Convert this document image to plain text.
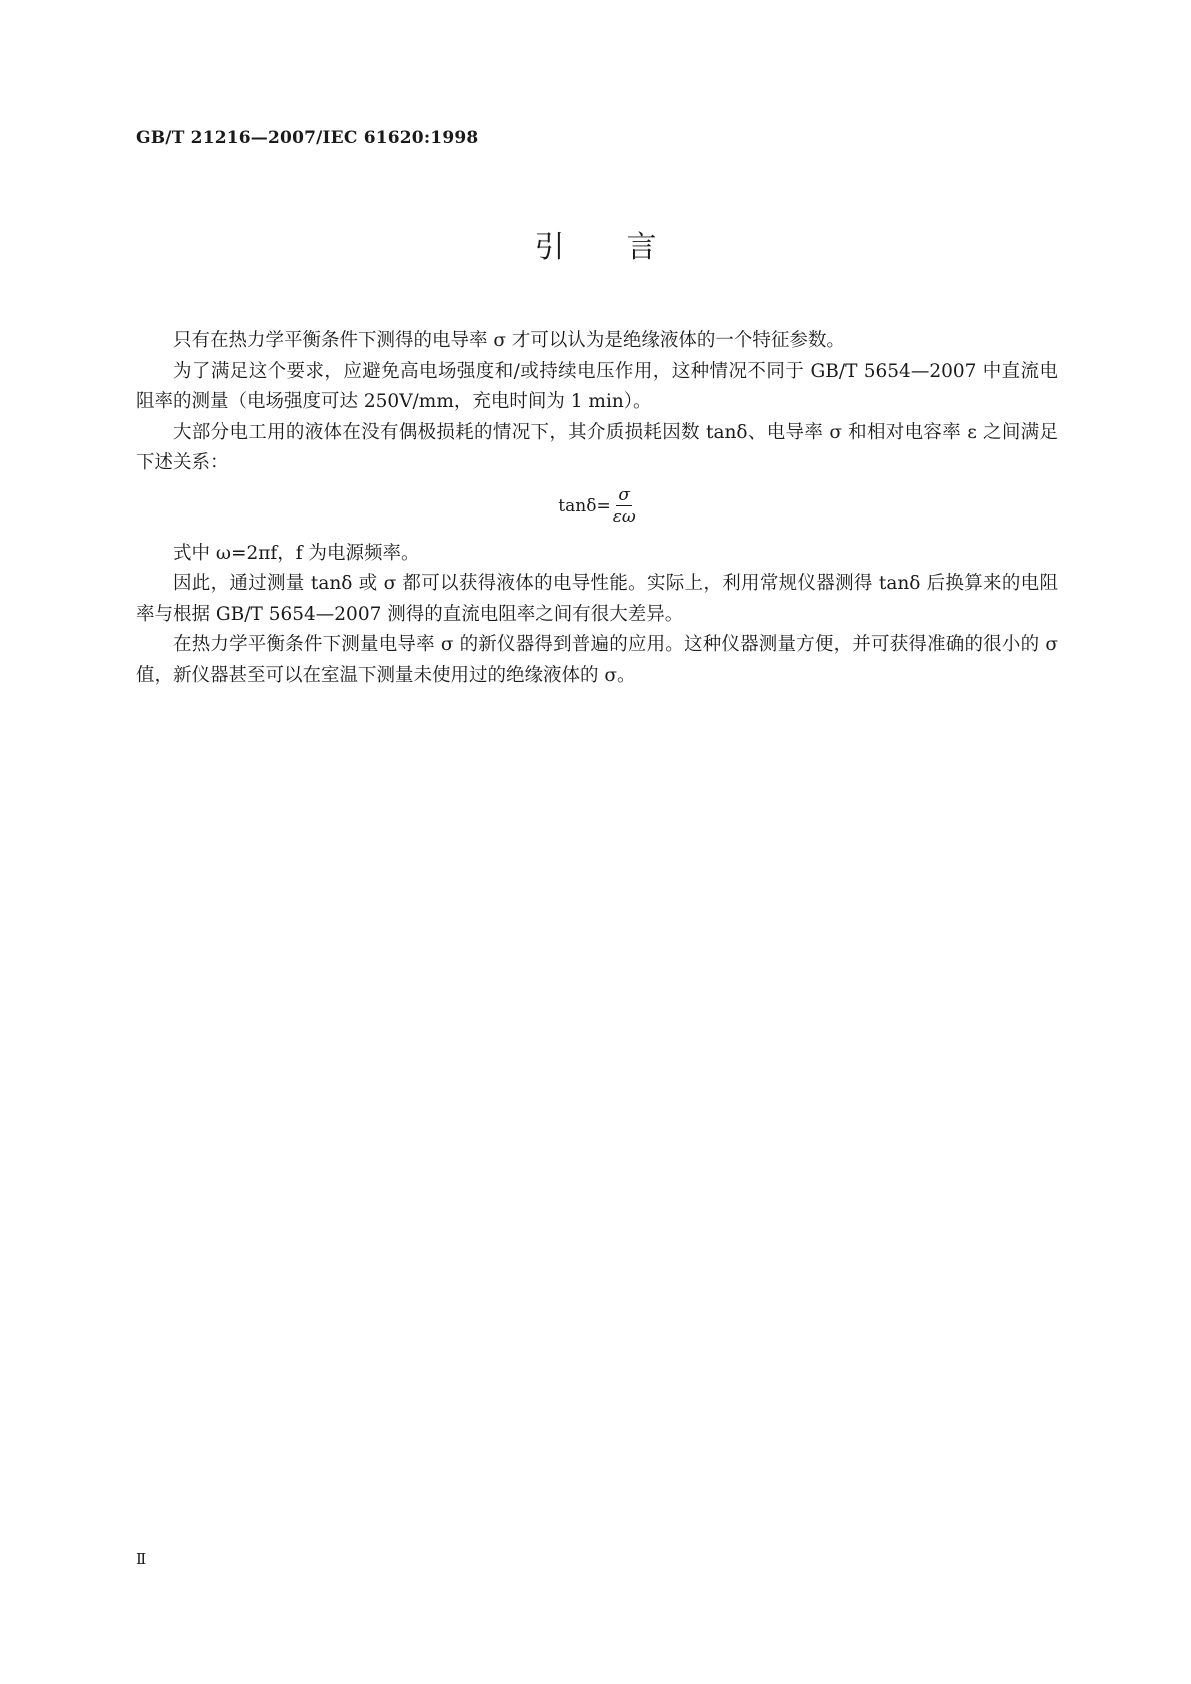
GB/T 21216—2007/IEC 61620:1998
引言

只有在热力学平衡条件下测得的电导率 σ 才可以认为是绝缘液体的一个特征参数。

为了满足这个要求，应避免高电场强度和/或持续电压作用，这种情况不同于 GB/T 5654—2007 中直流电阻率的测量（电场强度可达 250V/mm，充电时间为 1 min）。

大部分电工用的液体在没有偶极损耗的情况下，其介质损耗因数 tanδ、电导率 σ 和相对电容率 ε 之间满足下述关系：

$\tan\delta= \frac{\sigma}{\varepsilon\omega}$

式中 ω=2πf，f 为电源频率。

因此，通过测量 tanδ 或 σ 都可以获得液体的电导性能。实际上，利用常规仪器测得 tanδ 后换算来的电阻率与根据 GB/T 5654—2007 测得的直流电阻率之间有很大差异。

在热力学平衡条件下测量电导率 σ 的新仪器得到普遍的应用。这种仪器测量方便，并可获得准确的很小的 σ 值，新仪器甚至可以在室温下测量未使用过的绝缘液体的 σ。

Ⅱ
